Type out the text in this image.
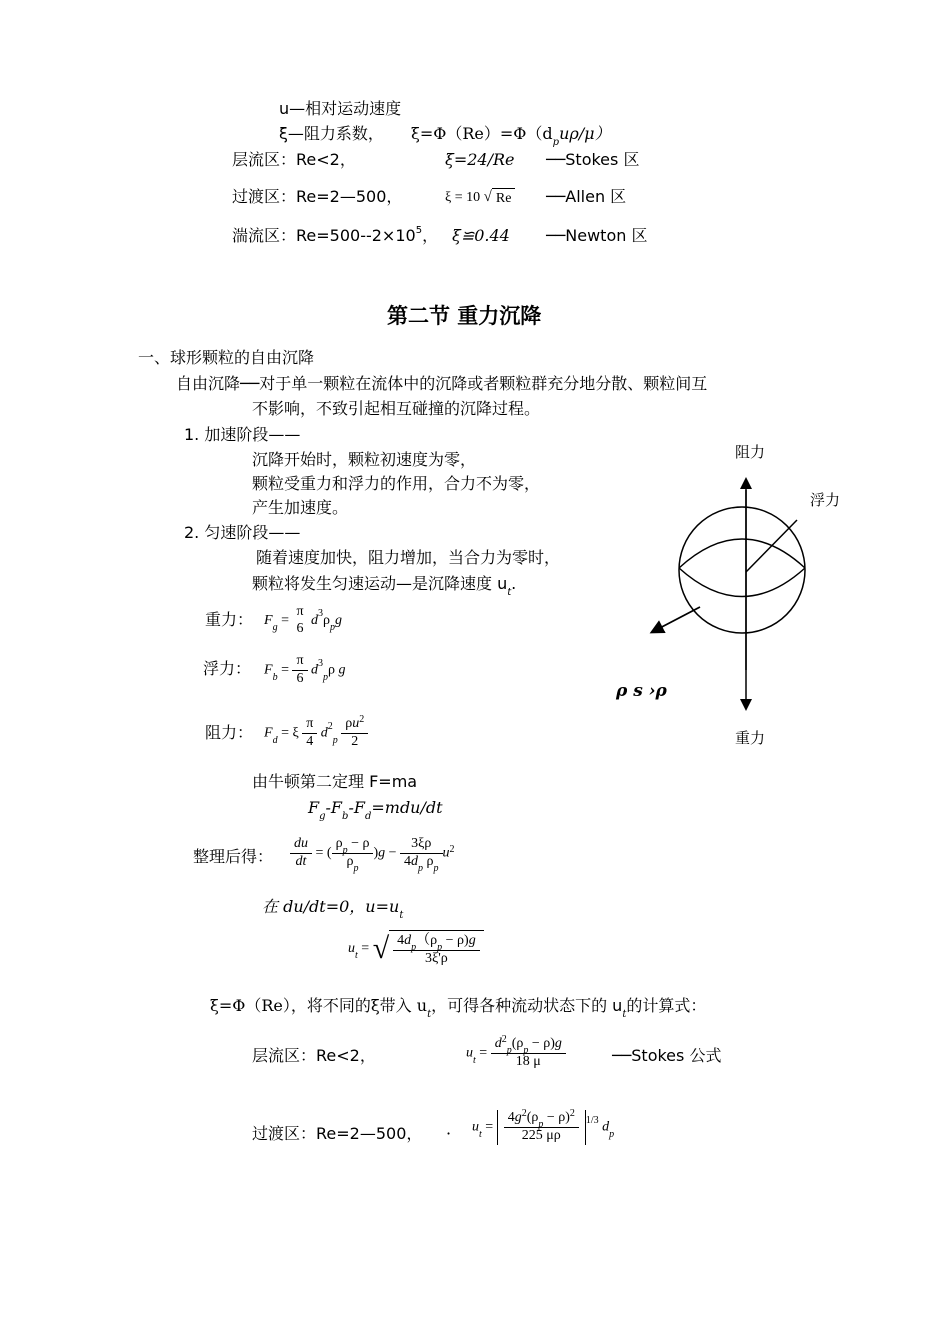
u—相对运动速度
ξ—阻力系数， $\xi=\Phi(Re)=\Phi(d_pu\rho/\mu)$
层流区：Re<2，	ξ=24/Re ──Stokes 区
过渡区：Re=2—500，	ξ = 10 √ Re ──Allen 区
湍流区：$Re=500--2\times 10^5$， ξ≌0.44 ──Newton 区
第二节 重力沉降
一、球形颗粒的自由沉降
自由沉降──对于单一颗粒在流体中的沉降或者颗粒群充分地分散、颗粒间互
不影响，不致引起相互碰撞的沉降过程。
1. 加速阶段——
沉降开始时，颗粒初速度为零，
颗粒受重力和浮力的作用，合力不为零，
产生加速度。
2. 匀速阶段——
随着速度加快，阻力增加，当合力为零时，
颗粒将发生匀速运动—是沉降速度 $u_t$.
重力： $F_g$ =
π
6
$d^3\rho_pg$
浮力： $F_b = \frac{\pi}{6} d^3_p\rho$ g
阻力： $F_d = \xi \frac{\pi}{4} d^2_p \frac{\rho u^2}{2}$
阻力
浮力
重力
ρ s ›ρ
由牛顿第二定理 F=ma
$F_g-F_b-F_d=mdu/dt$
整理后得： $\frac{du}{dt}$ = ( $\frac{\rho_p - \rho}{\rho_p} )g - \frac{3\xi\rho}{4d_p \rho_p} u^2$
在 du/dt=0，$u=u_t$
$u_t$ = √ $\frac{4d_p(\rho_p - \rho)g}{3\xi'\rho}$
ξ=Φ（Re），将不同的ξ带入 $u_t$，可得各种流动状态下的 $u_t$的计算式：
层流区：Re<2，	$u_t = \frac{d^2_p(\rho_p - \rho)g}{18 \mu}$	──Stokes 公式
过渡区：Re=2—500， · $u_t = \frac{4g^2(\rho_p - \rho)^2}{225 \mu\rho} ^{1/3}$ $d_p$
